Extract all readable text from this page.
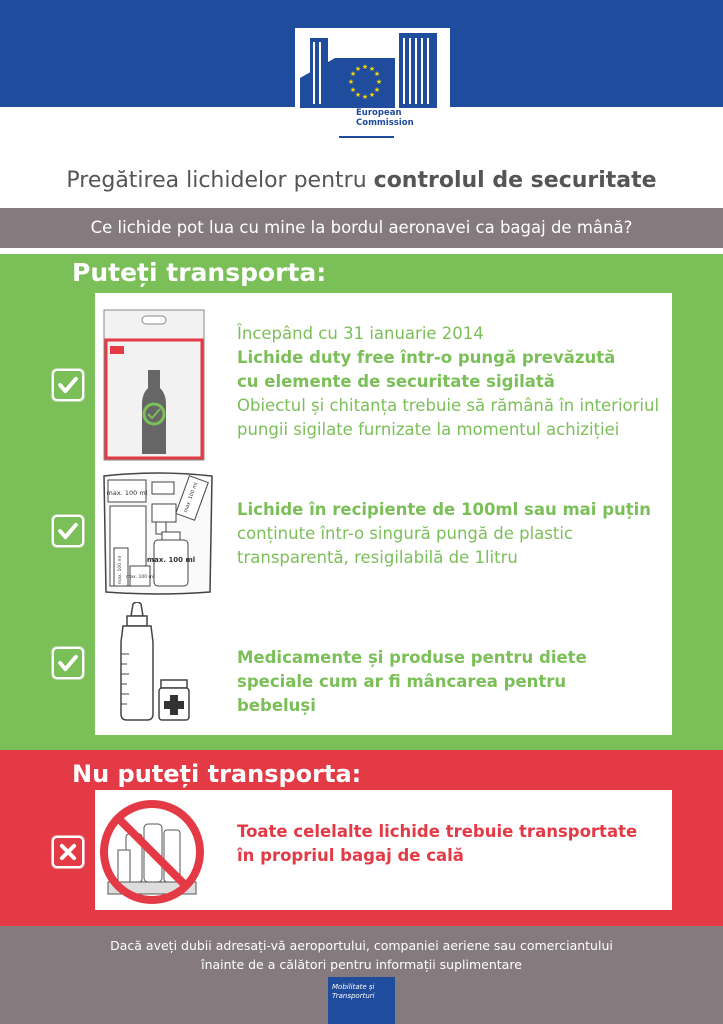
★ ★
★
★
★
★
★
★
★
★
★
★
European
Commission
Pregătirea lichidelor pentru controlul de securitate
Ce lichide pot lua cu mine la bordul aeronavei ca bagaj de mână?
Puteți transporta:
Începând cu 31 ianuarie 2014
Lichide duty free într-o pungă prevăzută
cu elemente de securitate sigilată
Obiectul și chitanța trebuie să rămână în interioriul
pungii sigilate furnizate la momentul achiziției
max. 100 ml	max. 100 ml
max. 100 ml max. 100 ml
max. 100 ml
Lichide în recipiente de 100ml sau mai puțin
conținute într-o singură pungă de plastic
transparentă, resigilabilă de 1litru
Medicamente și produse pentru diete
speciale cum ar fi mâncarea pentru
bebeluși
Nu puteți transporta:
Toate celelalte lichide trebuie transportate
în propriul bagaj de cală
Dacă aveți dubii adresați-vă aeroportului, companiei aeriene sau comerciantului
înainte de a călători pentru informații suplimentare
Mobilitate și
Transporturi
